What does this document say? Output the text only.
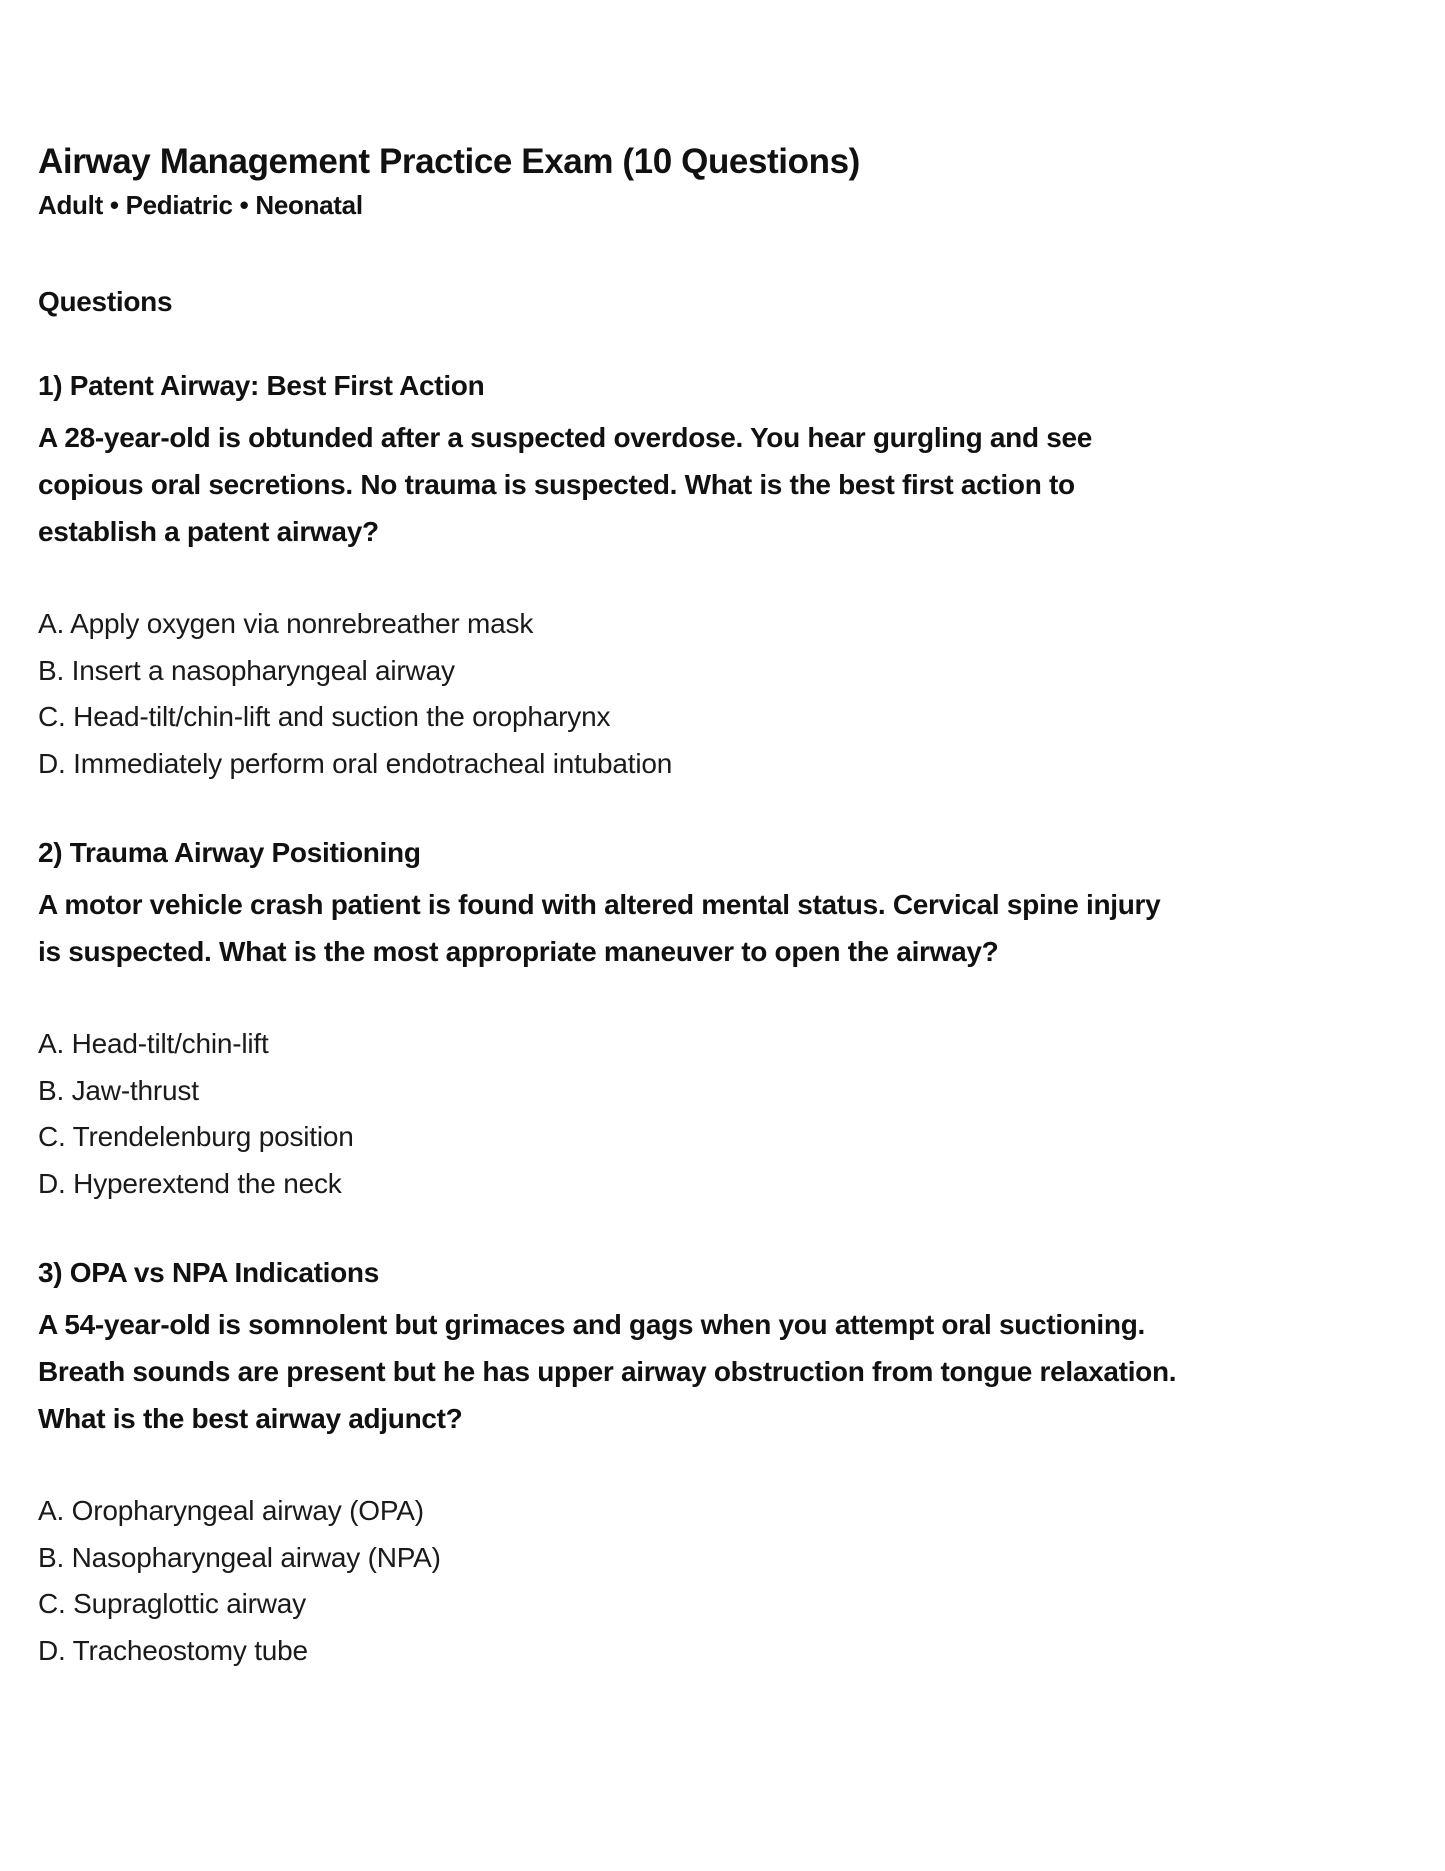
Airway Management Practice Exam (10 Questions)
Adult • Pediatric • Neonatal
Questions
1) Patent Airway: Best First Action

A 28-year-old is obtunded after a suspected overdose. You hear gurgling and see copious oral secretions. No trauma is suspected. What is the best first action to establish a patent airway?

A. Apply oxygen via nonrebreather mask
B. Insert a nasopharyngeal airway
C. Head-tilt/chin-lift and suction the oropharynx
D. Immediately perform oral endotracheal intubation
2) Trauma Airway Positioning

A motor vehicle crash patient is found with altered mental status. Cervical spine injury is suspected. What is the most appropriate maneuver to open the airway?

A. Head-tilt/chin-lift
B. Jaw-thrust
C. Trendelenburg position
D. Hyperextend the neck
3) OPA vs NPA Indications

A 54-year-old is somnolent but grimaces and gags when you attempt oral suctioning. Breath sounds are present but he has upper airway obstruction from tongue relaxation. What is the best airway adjunct?

A. Oropharyngeal airway (OPA)
B. Nasopharyngeal airway (NPA)
C. Supraglottic airway
D. Tracheostomy tube
